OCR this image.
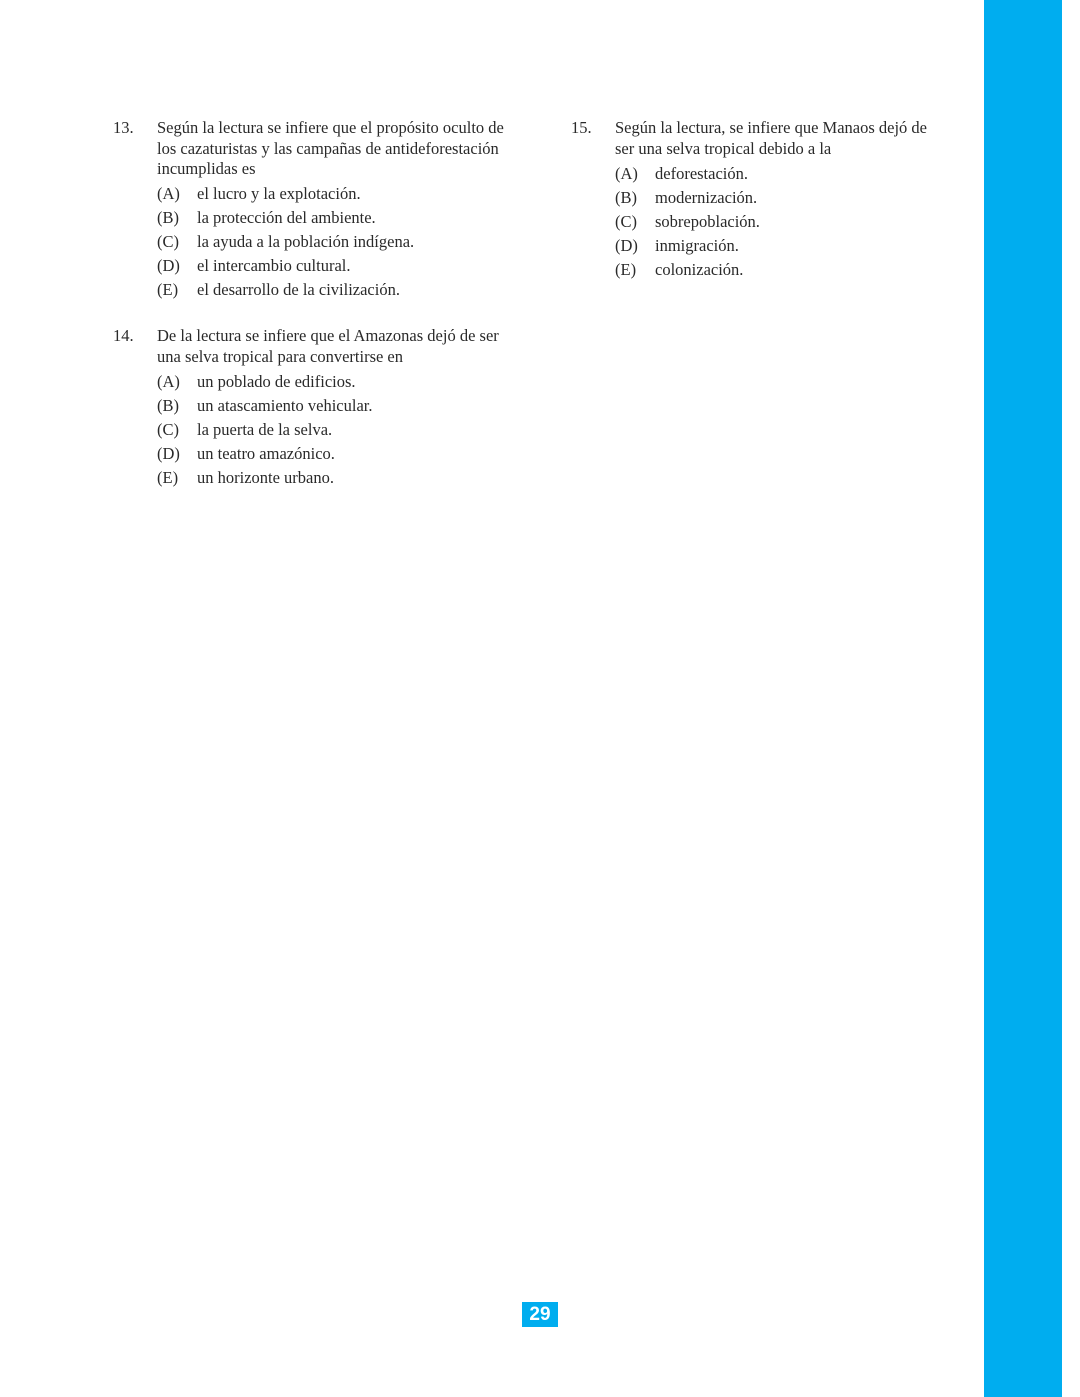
13. Según la lectura se infiere que el propósito oculto de los cazaturistas y las campañas de antideforestación incumplidas es
(A)	el lucro y la explotación.
(B)	la protección del ambiente.
(C)	la ayuda a la población indígena.
(D)	el intercambio cultural.
(E)	el desarrollo de la civilización.
14. De la lectura se infiere que el Amazonas dejó de ser una selva tropical para convertirse en
(A)	un poblado de edificios.
(B)	un atascamiento vehicular.
(C)	la puerta de la selva.
(D)	un teatro amazónico.
(E)	un horizonte urbano.
15. Según la lectura, se infiere que Manaos dejó de ser una selva tropical debido a la
(A)	deforestación.
(B)	modernización.
(C)	sobrepoblación.
(D)	inmigración.
(E)	colonización.
29
